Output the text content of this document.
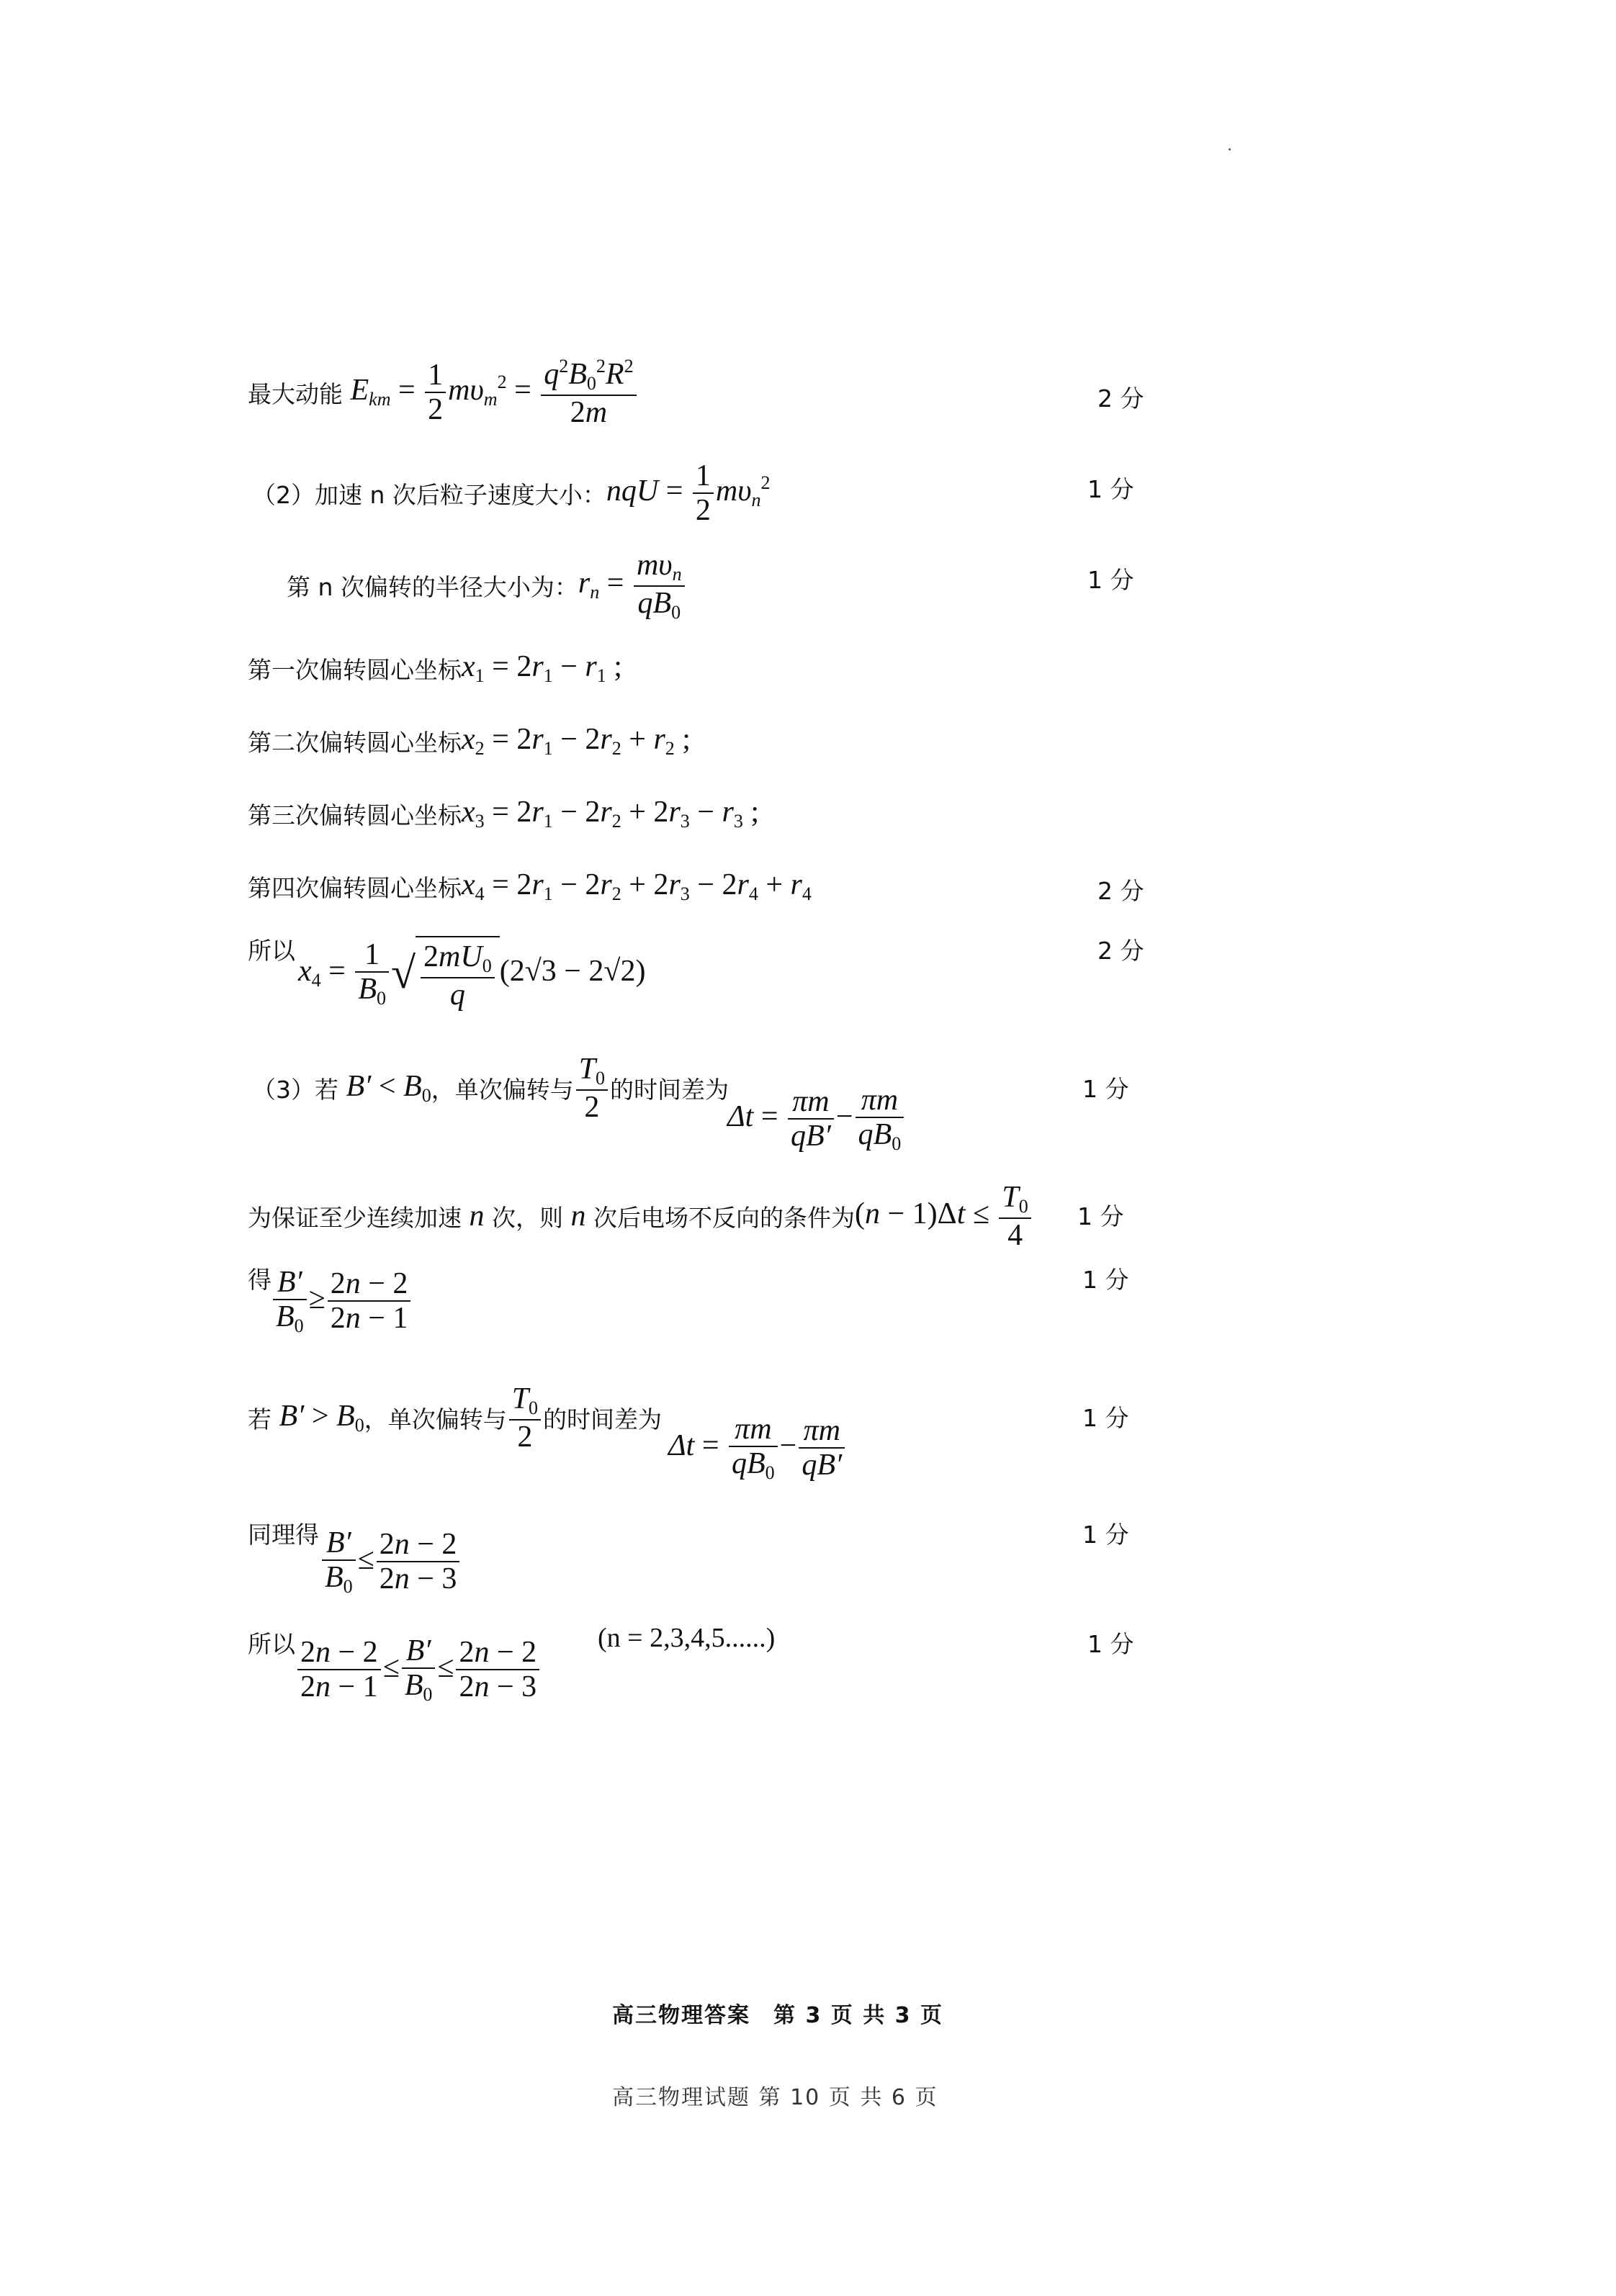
最大动能 $E_{km} = \frac{1}{2} m\upsilon_m^2 = \frac{q^2B_0^2R^2}{2m}$	2 分
（2）加速 n 次后粒子速度大小： nqU = $\frac{1}{2} m\upsilon_n^2$	1 分
第 n 次偏转的半径大小为： $r_n = \frac{m\upsilon_n}{qB_0}$	1 分
第一次偏转圆心坐标 $x_1 = 2r_1 - r_1$ ;
第二次偏转圆心坐标 $x_2 = 2r_1 - 2r_2 + r_2$ ;
第三次偏转圆心坐标 $x_3 = 2r_1 - 2r_2 + 2r_3 - r_3$ ;
第四次偏转圆心坐标 $x_4 = 2r_1 - 2r_2 + 2r_3 - 2r_4 + r_4$	2 分
所以
$x_4 = \frac{1}{B_0}$ √ $\frac{2mU_0}{q} (2√3 - 2√2)$
2 分
（3）若 $B' < B_0$ ，单次偏转与 $\frac{T_0}{2}$ 的时间差为
$\Delta t = \frac{\pi m}{qB'} - \frac{\pi m}{qB_0}$	1 分
为保证至少连续加速 n 次，则 n 次后电场不反向的条件为 $(n - 1)\Delta t \le \frac{T_0}{4} 1$ 分
得 $\frac{B'}{B_0} \ge \frac{2n - 2}{2n - 1}$	1 分
若 $B' > B_0$ ，单次偏转与 $\frac{T_0}{2}$ 的时间差为
$\Delta t = \frac{\pi m}{qB_0} - \frac{\pi m}{qB'}$	1 分
同理得 $\frac{B'}{B_0} \le \frac{2n - 2}{2n - 3}$	1 分
所以 $\frac{2n - 2}{2n - 1} \le \frac{B'}{B_0} \le \frac{2n - 2}{2n - 3} (n = 2,3,4,5......)$	1 分
高三物理答案　第 3 页 共 3 页
高三物理试题 第 10 页 共 6 页
